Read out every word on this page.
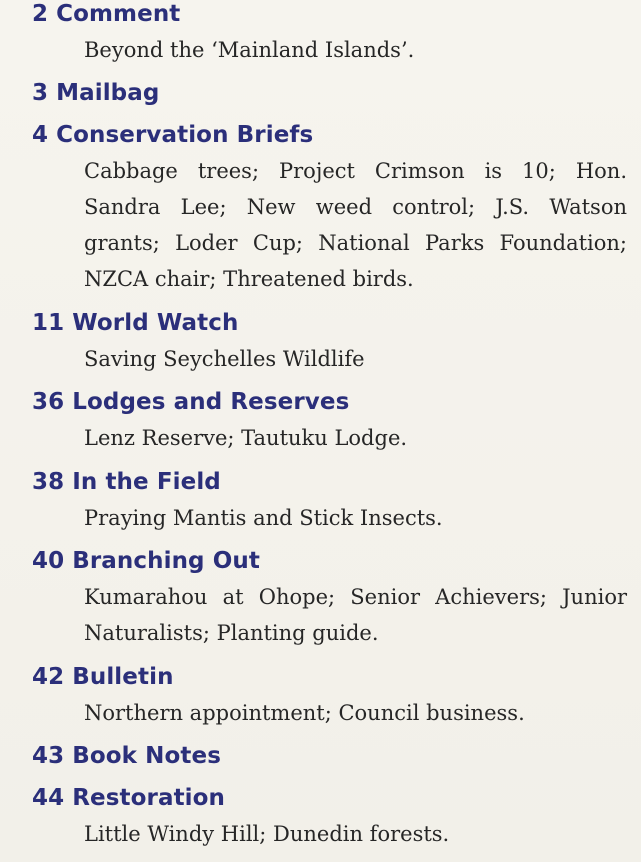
2 Comment
Beyond the ‘Mainland Islands’.
3 Mailbag
4 Conservation Briefs
Cabbage trees; Project Crimson is 10; Hon. Sandra Lee; New weed control; J.S. Watson grants; Loder Cup; National Parks Foundation; NZCA chair; Threatened birds.
11 World Watch
Saving Seychelles Wildlife
36 Lodges and Reserves
Lenz Reserve; Tautuku Lodge.
38 In the Field
Praying Mantis and Stick Insects.
40 Branching Out
Kumarahou at Ohope; Senior Achievers; Junior Naturalists; Planting guide.
42 Bulletin
Northern appointment; Council business.
43 Book Notes
44 Restoration
Little Windy Hill; Dunedin forests.
